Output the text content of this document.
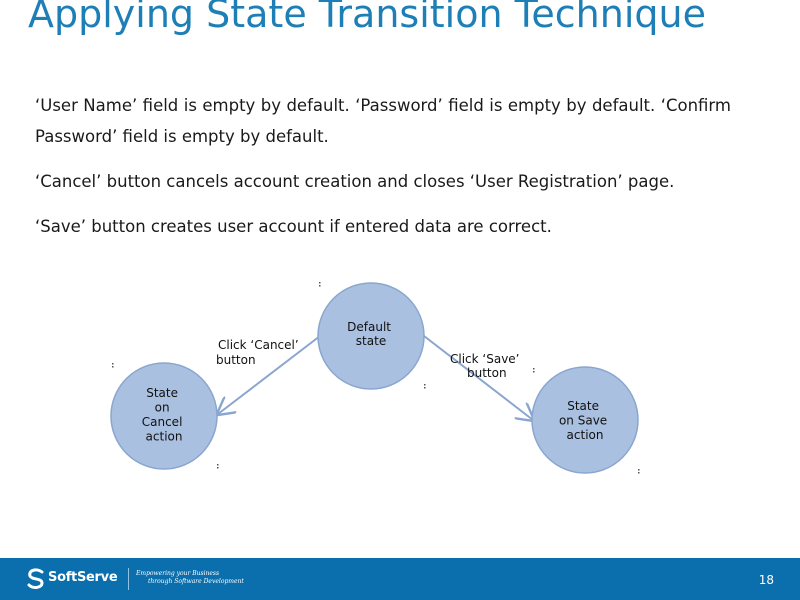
Applying State Transition Technique

‘User Name’ field is empty by default. ‘Password’ field is empty by default. ‘Confirm Password’ field is empty by default.

‘Cancel’ button cancels account creation and closes ‘User Registration’ page.

‘Save’ button creates user account if entered data are correct.

Default state
State on Cancel action
State on Save action
Click ‘Cancel’ button	Click ‘Save’ button
SoftServe	Empowering your Business
through Software Development	18
